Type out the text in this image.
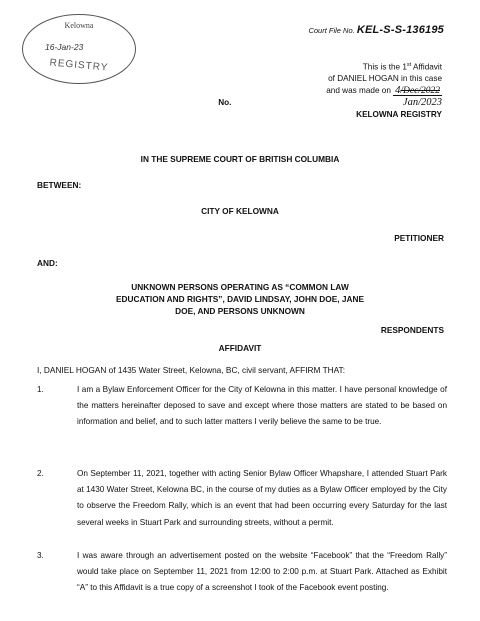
Kelowna
16-Jan-23
REGISTRY
Court File No. KEL-S-S-136195
This is the 1st Affidavit
of DANIEL HOGAN in this case
and was made on 4/Dec/2022
No.	Jan/2023
KELOWNA REGISTRY
IN THE SUPREME COURT OF BRITISH COLUMBIA
BETWEEN:
CITY OF KELOWNA
PETITIONER
AND:
UNKNOWN PERSONS OPERATING AS “COMMON LAW
EDUCATION AND RIGHTS”, DAVID LINDSAY, JOHN DOE, JANE
DOE, AND PERSONS UNKNOWN
RESPONDENTS
AFFIDAVIT
I, DANIEL HOGAN of 1435 Water Street, Kelowna, BC, civil servant, AFFIRM THAT:
1.	I am a Bylaw Enforcement Officer for the City of Kelowna in this matter. I have personal knowledge of the matters hereinafter deposed to save and except where those matters are stated to be based on information and belief, and to such latter matters I verily believe the same to be true.
2.	On September 11, 2021, together with acting Senior Bylaw Officer Whapshare, I attended Stuart Park at 1430 Water Street, Kelowna BC, in the course of my duties as a Bylaw Officer employed by the City to observe the Freedom Rally, which is an event that had been occurring every Saturday for the last several weeks in Stuart Park and surrounding streets, without a permit.
3.	I was aware through an advertisement posted on the website “Facebook” that the “Freedom Rally” would take place on September 11, 2021 from 12:00 to 2:00 p.m. at Stuart Park. Attached as Exhibit “A” to this Affidavit is a true copy of a screenshot I took of the Facebook event posting.
